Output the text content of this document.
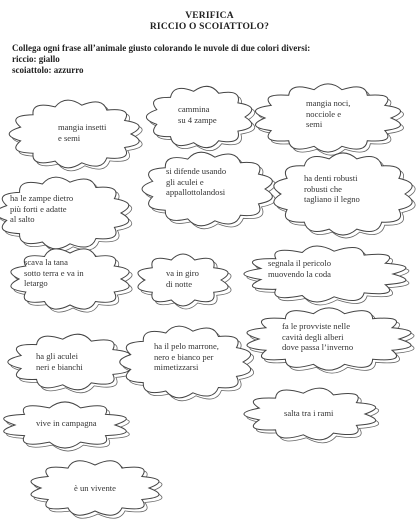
VERIFICA
RICCIO O SCOIATTOLO?
Collega ogni frase all’animale giusto colorando le nuvole di due colori diversi:
riccio: giallo
scoiattolo: azzurro
mangia insetti
e semi
cammina
su 4 zampe
mangia noci,
nocciole e
semi
si difende usando
gli aculei e
appallottolandosi
ha denti robusti
robusti che
tagliano il legno
ha le zampe dietro
più forti e adatte
al salto
scava la tana
sotto terra e va in
letargo
va in giro
di notte
segnala il pericolo
muovendo la coda
fa le provviste nelle
cavità degli alberi
dove passa l’inverno
ha gli aculei
neri e bianchi
ha il pelo marrone,
nero e bianco per
mimetizzarsi
vive in campagna
salta tra i rami
è un vivente
